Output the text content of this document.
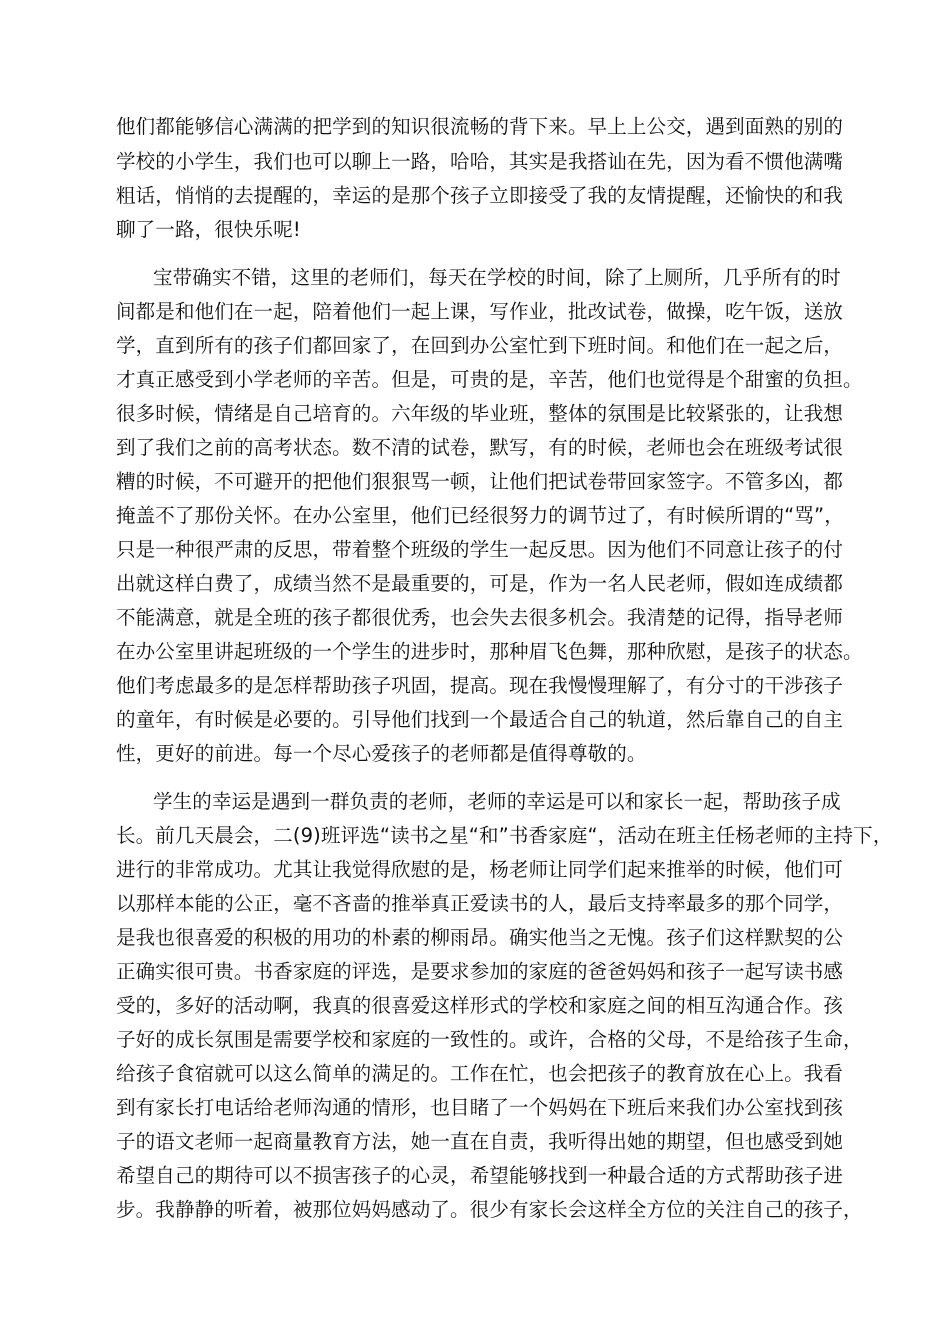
他们都能够信心满满的把学到的知识很流畅的背下来。早上上公交，遇到面熟的别的
学校的小学生，我们也可以聊上一路，哈哈，其实是我搭讪在先，因为看不惯他满嘴
粗话，悄悄的去提醒的，幸运的是那个孩子立即接受了我的友情提醒，还愉快的和我
聊了一路，很快乐呢!
宝带确实不错，这里的老师们，每天在学校的时间，除了上厕所，几乎所有的时
间都是和他们在一起，陪着他们一起上课，写作业，批改试卷，做操，吃午饭，送放
学，直到所有的孩子们都回家了，在回到办公室忙到下班时间。和他们在一起之后，
才真正感受到小学老师的辛苦。但是，可贵的是，辛苦，他们也觉得是个甜蜜的负担。
很多时候，情绪是自己培育的。六年级的毕业班，整体的氛围是比较紧张的，让我想
到了我们之前的高考状态。数不清的试卷，默写，有的时候，老师也会在班级考试很
糟的时候，不可避开的把他们狠狠骂一顿，让他们把试卷带回家签字。不管多凶，都
掩盖不了那份关怀。在办公室里，他们已经很努力的调节过了，有时候所谓的“骂”，
只是一种很严肃的反思，带着整个班级的学生一起反思。因为他们不同意让孩子的付
出就这样白费了，成绩当然不是最重要的，可是，作为一名人民老师，假如连成绩都
不能满意，就是全班的孩子都很优秀，也会失去很多机会。我清楚的记得，指导老师
在办公室里讲起班级的一个学生的进步时，那种眉飞色舞，那种欣慰，是孩子的状态。
他们考虑最多的是怎样帮助孩子巩固，提高。现在我慢慢理解了，有分寸的干涉孩子
的童年，有时候是必要的。引导他们找到一个最适合自己的轨道，然后靠自己的自主
性，更好的前进。每一个尽心爱孩子的老师都是值得尊敬的。
学生的幸运是遇到一群负责的老师，老师的幸运是可以和家长一起，帮助孩子成
长。前几天晨会，二(9)班评选“读书之星“和”书香家庭“，活动在班主任杨老师的主持下，
进行的非常成功。尤其让我觉得欣慰的是，杨老师让同学们起来推举的时候，他们可
以那样本能的公正，毫不吝啬的推举真正爱读书的人，最后支持率最多的那个同学，
是我也很喜爱的积极的用功的朴素的柳雨昂。确实他当之无愧。孩子们这样默契的公
正确实很可贵。书香家庭的评选，是要求参加的家庭的爸爸妈妈和孩子一起写读书感
受的，多好的活动啊，我真的很喜爱这样形式的学校和家庭之间的相互沟通合作。孩
子好的成长氛围是需要学校和家庭的一致性的。或许，合格的父母，不是给孩子生命，
给孩子食宿就可以这么简单的满足的。工作在忙，也会把孩子的教育放在心上。我看
到有家长打电话给老师沟通的情形，也目睹了一个妈妈在下班后来我们办公室找到孩
子的语文老师一起商量教育方法，她一直在自责，我听得出她的期望，但也感受到她
希望自己的期待可以不损害孩子的心灵，希望能够找到一种最合适的方式帮助孩子进
步。我静静的听着，被那位妈妈感动了。很少有家长会这样全方位的关注自己的孩子，
